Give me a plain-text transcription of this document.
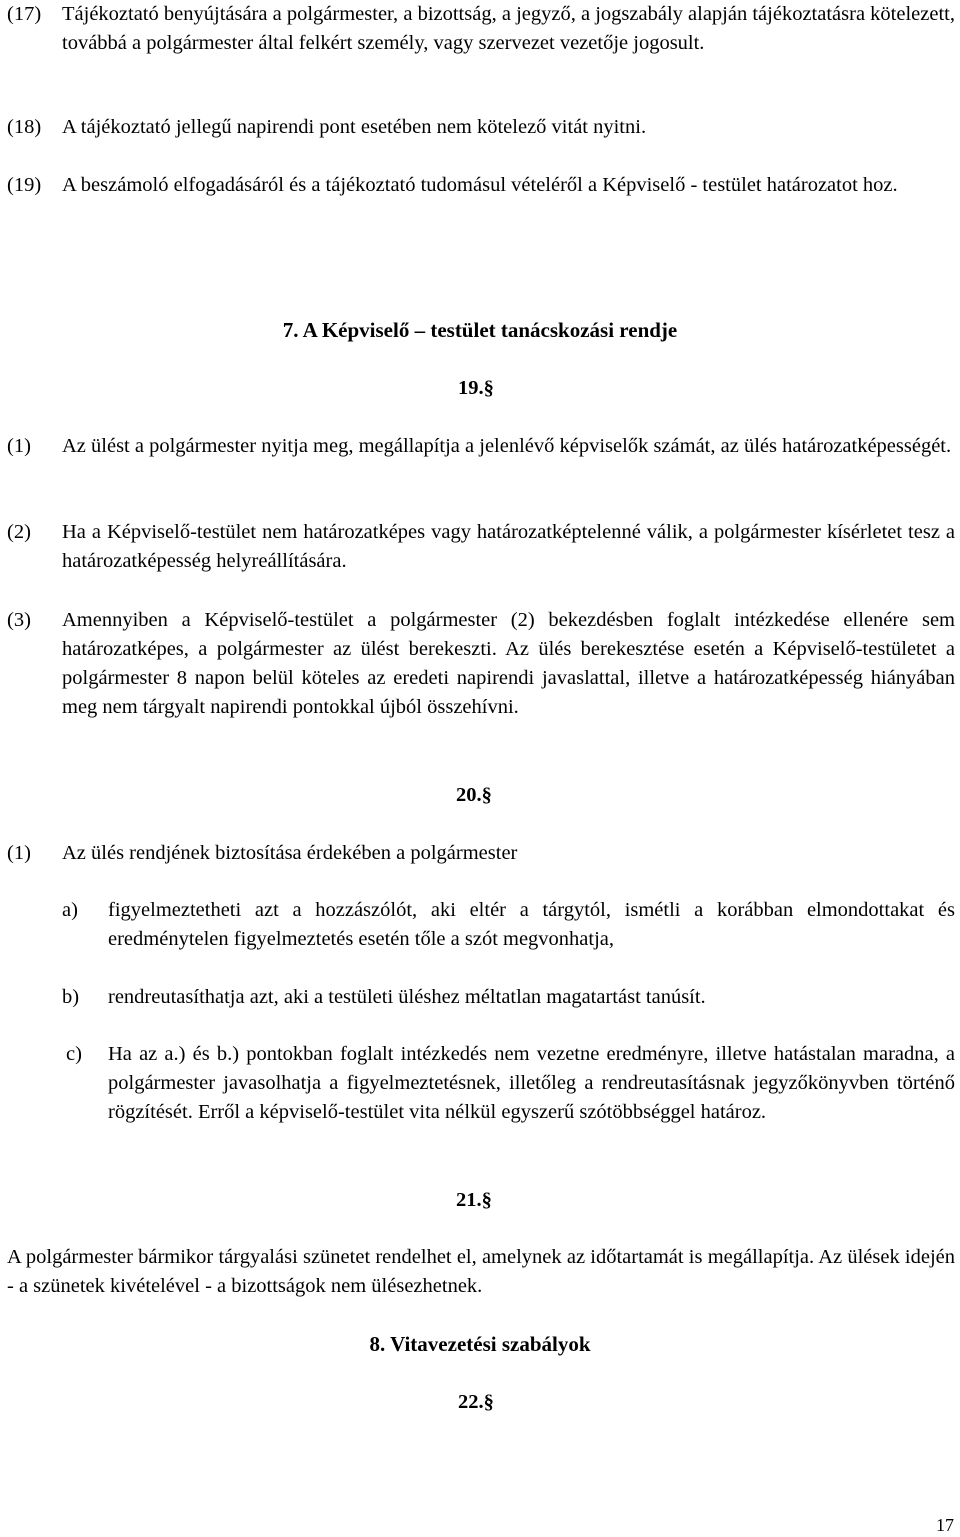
(17)	Tájékoztató benyújtására a polgármester, a bizottság, a jegyző, a jogszabály alapján tájékoztatásra kötelezett, továbbá a polgármester által felkért személy, vagy szervezet vezetője jogosult.
(18)	A tájékoztató jellegű napirendi pont esetében nem kötelező vitát nyitni.
(19)	A beszámoló elfogadásáról és a tájékoztató tudomásul vételéről a Képviselő - testület határozatot hoz.
7. A Képviselő – testület tanácskozási rendje
19.§
(1)	Az ülést a polgármester nyitja meg, megállapítja a jelenlévő képviselők számát, az ülés határozatképességét.
(2)	Ha a Képviselő-testület nem határozatképes vagy határozatképtelenné válik, a polgármester kísérletet tesz a határozatképesség helyreállítására.
(3)	Amennyiben a Képviselő-testület a polgármester (2) bekezdésben foglalt intézkedése ellenére sem határozatképes, a polgármester az ülést berekeszti. Az ülés berekesztése esetén a Képviselő-testületet a polgármester 8 napon belül köteles az eredeti napirendi javaslattal, illetve a határozatképesség hiányában meg nem tárgyalt napirendi pontokkal újból összehívni.
20.§
(1)	Az ülés rendjének biztosítása érdekében a polgármester
a)	figyelmeztetheti azt a hozzászólót, aki eltér a tárgytól, ismétli a korábban elmondottakat és eredménytelen figyelmeztetés esetén tőle a szót megvonhatja,
b)	rendreutasíthatja azt, aki a testületi üléshez méltatlan magatartást tanúsít.
c)	Ha az a.) és b.) pontokban foglalt intézkedés nem vezetne eredményre, illetve hatástalan maradna, a polgármester javasolhatja a figyelmeztetésnek, illetőleg a rendreutasításnak jegyzőkönyvben történő rögzítését. Erről a képviselő-testület vita nélkül egyszerű szótöbbséggel határoz.
21.§
A polgármester bármikor tárgyalási szünetet rendelhet el, amelynek az időtartamát is megállapítja. Az ülések idején - a szünetek kivételével - a bizottságok nem ülésezhetnek.
8. Vitavezetési szabályok
22.§
17
